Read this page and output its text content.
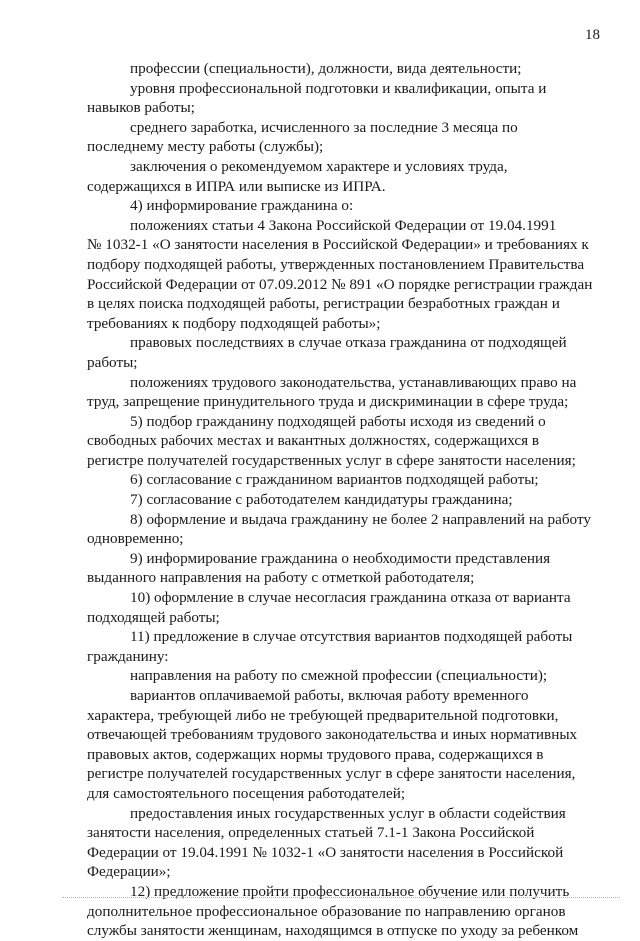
18

профессии (специальности), должности, вида деятельности;

уровня профессиональной подготовки и квалификации, опыта и
навыков работы;

среднего заработка, исчисленного за последние 3 месяца по
последнему месту работы (службы);

заключения о рекомендуемом характере и условиях труда,
содержащихся в ИПРА или выписке из ИПРА.

4) информирование гражданина о:

положениях статьи 4 Закона Российской Федерации от 19.04.1991
№ 1032-1 «О занятости населения в Российской Федерации» и требованиях к
подбору подходящей работы, утвержденных постановлением Правительства
Российской Федерации от 07.09.2012 № 891 «О порядке регистрации граждан
в целях поиска подходящей работы, регистрации безработных граждан и
требованиях к подбору подходящей работы»;

правовых последствиях в случае отказа гражданина от подходящей
работы;

положениях трудового законодательства, устанавливающих право на
труд, запрещение принудительного труда и дискриминации в сфере труда;

5) подбор гражданину подходящей работы исходя из сведений о
свободных рабочих местах и вакантных должностях, содержащихся в
регистре получателей государственных услуг в сфере занятости населения;

6) согласование с гражданином вариантов подходящей работы;

7) согласование с работодателем кандидатуры гражданина;

8) оформление и выдача гражданину не более 2 направлений на работу
одновременно;

9) информирование гражданина о необходимости представления
выданного направления на работу с отметкой работодателя;

10) оформление в случае несогласия гражданина отказа от варианта
подходящей работы;

11) предложение в случае отсутствия вариантов подходящей работы
гражданину:

направления на работу по смежной профессии (специальности);

вариантов оплачиваемой работы, включая работу временного
характера, требующей либо не требующей предварительной подготовки,
отвечающей требованиям трудового законодательства и иных нормативных
правовых актов, содержащих нормы трудового права, содержащихся в
регистре получателей государственных услуг в сфере занятости населения,
для самостоятельного посещения работодателей;

предоставления иных государственных услуг в области содействия
занятости населения, определенных статьей 7.1-1 Закона Российской
Федерации от 19.04.1991 № 1032-1 «О занятости населения в Российской
Федерации»;

12) предложение пройти профессиональное обучение или получить
дополнительное профессиональное образование по направлению органов
службы занятости женщинам, находящимся в отпуске по уходу за ребенком
